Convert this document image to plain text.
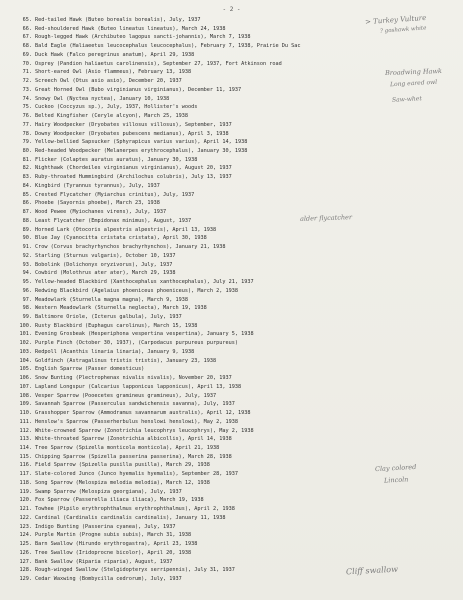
- 2 -
65. Red-tailed Hawk (Buteo borealis borealis), July, 1937
66. Red-shouldered Hawk (Buteo lineatus lineatus), March 24, 1938
67. Rough-legged Hawk (Archibuteo lagopus sancti-johannis), March 7, 1938
68. Bald Eagle (Haliaeetus leucocephalus leucocephalus), February 7, 1938, Prairie Du Sac
69. Duck Hawk (Falco peregrinus anatum), April 29, 1938
70. Osprey (Pandion haliaetus carolinensis), September 27, 1937, Fort Atkinson road
71. Short-eared Owl (Asio flammeus), February 13, 1938
72. Screech Owl (Otus asio asio), December 20, 1937
73. Great Horned Owl (Bubo virginianus virginianus), December 11, 1937
74. Snowy Owl (Nyctea nyctea), January 10, 1938
75. Cuckoo (Coccyzus sp.), July, 1937, Hollister's woods
76. Belted Kingfisher (Ceryle alcyon), March 25, 1938
77. Hairy Woodpecker (Dryobates villosus villosus), September, 1937
78. Downy Woodpecker (Dryobates pubescens medianus), April 3, 1938
79. Yellow-bellied Sapsucker (Sphyrapicus varius varius), April 14, 1938
80. Red-headed Woodpecker (Melanerpes erythrocephalus), January 30, 1938
81. Flicker (Colaptes auratus auratus), January 30, 1938
82. Nighthawk (Chordeiles virginianus virginianus), August 20, 1937
83. Ruby-throated Hummingbird (Archilochus colubris), July 13, 1937
84. Kingbird (Tyrannus tyrannus), July, 1937
85. Crested Flycatcher (Myiarchus crinitus), July, 1937
86. Phoebe (Sayornis phoebe), March 23, 1938
87. Wood Pewee (Myiochanes virens), July, 1937
88. Least Flycatcher (Empidonax minimus), August, 1937
89. Horned Lark (Otocoris alpestris alpestris), April 13, 1938
90. Blue Jay (Cyanocitta cristata cristata), April 30, 1938
91. Crow (Corvus brachyrhynchos brachyrhynchos), January 21, 1938
92. Starling (Sturnus vulgaris), October 10, 1937
93. Bobolink (Dolichonyx oryzivorus), July, 1937
94. Cowbird (Molothrus ater ater), March 29, 1938
95. Yellow-headed Blackbird (Xanthocephalus xanthocephalus), July 21, 1937
96. Redwing Blackbird (Agelaius phoeniceus phoeniceus), March 2, 1938
97. Meadowlark (Sturnella magna magna), March 9, 1938
98. Western Meadowlark (Sturnella neglecta), March 19, 1938
99. Baltimore Oriole, (Icterus galbula), July, 1937
100. Rusty Blackbird (Euphagus carolinus), March 15, 1938
101. Evening Grosbeak (Hesperiphona vespertina vespertina), January 5, 1938
102. Purple Finch (October 30, 1937), (Carpodacus purpureus purpureus)
103. Redpoll (Acanthis linaria linaria), January 9, 1938
104. Goldfinch (Astragalinus tristis tristis), January 23, 1938
105. English Sparrow (Passer domesticus)
106. Snow Bunting (Plectrophenax nivalis nivalis), November 20, 1937
107. Lapland Longspur (Calcarius lapponicus lapponicus), April 13, 1938
108. Vesper Sparrow (Pooecetes gramineus gramineus), July, 1937
109. Savannah Sparrow (Passerculus sandwichensis savanna), July, 1937
110. Grasshopper Sparrow (Ammodramus savannarum australis), April 12, 1938
111. Henslow's Sparrow (Passerherbulus henslowi henslowi), May 2, 1938
112. White-crowned Sparrow (Zonotrichia leucophrys leucophrys), May 2, 1938
113. White-throated Sparrow (Zonotrichia albicollis), April 14, 1938
114. Tree Sparrow (Spizella monticola monticola), April 21, 1938
115. Chipping Sparrow (Spizella passerina passerina), March 28, 1938
116. Field Sparrow (Spizella pusilla pusilla), March 29, 1938
117. Slate-colored Junco (Junco hyemalis hyemalis), September 28, 1937
118. Song Sparrow (Melospiza melodia melodia), March 12, 1938
119. Swamp Sparrow (Melospiza georgiana), July, 1937
120. Fox Sparrow (Passerella iliaca iliaca), March 19, 1938
121. Towhee (Pipilo erythrophthalmus erythrophthalmus), April 2, 1938
122. Cardinal (Cardinalis cardinalis cardinalis), January 11, 1938
123. Indigo Bunting (Passerina cyanea), July, 1937
124. Purple Martin (Progne subis subis), March 31, 1938
125. Barn Swallow (Hirundo erythrogastra), April 23, 1938
126. Tree Swallow (Iridoprocne bicolor), April 20, 1938
127. Bank Swallow (Riparia riparia), August, 1937
128. Rough-winged Swallow (Stelgidopteryx serripennis), July 31, 1937
129. Cedar Waxwing (Bombycilla cedrorum), July, 1937
> Turkey Vulture
? goshawk white
Broadwing Hawk
Long eared owl
Saw-whet
alder flycatcher
Clay colored
Lincoln
Cliff swallow
